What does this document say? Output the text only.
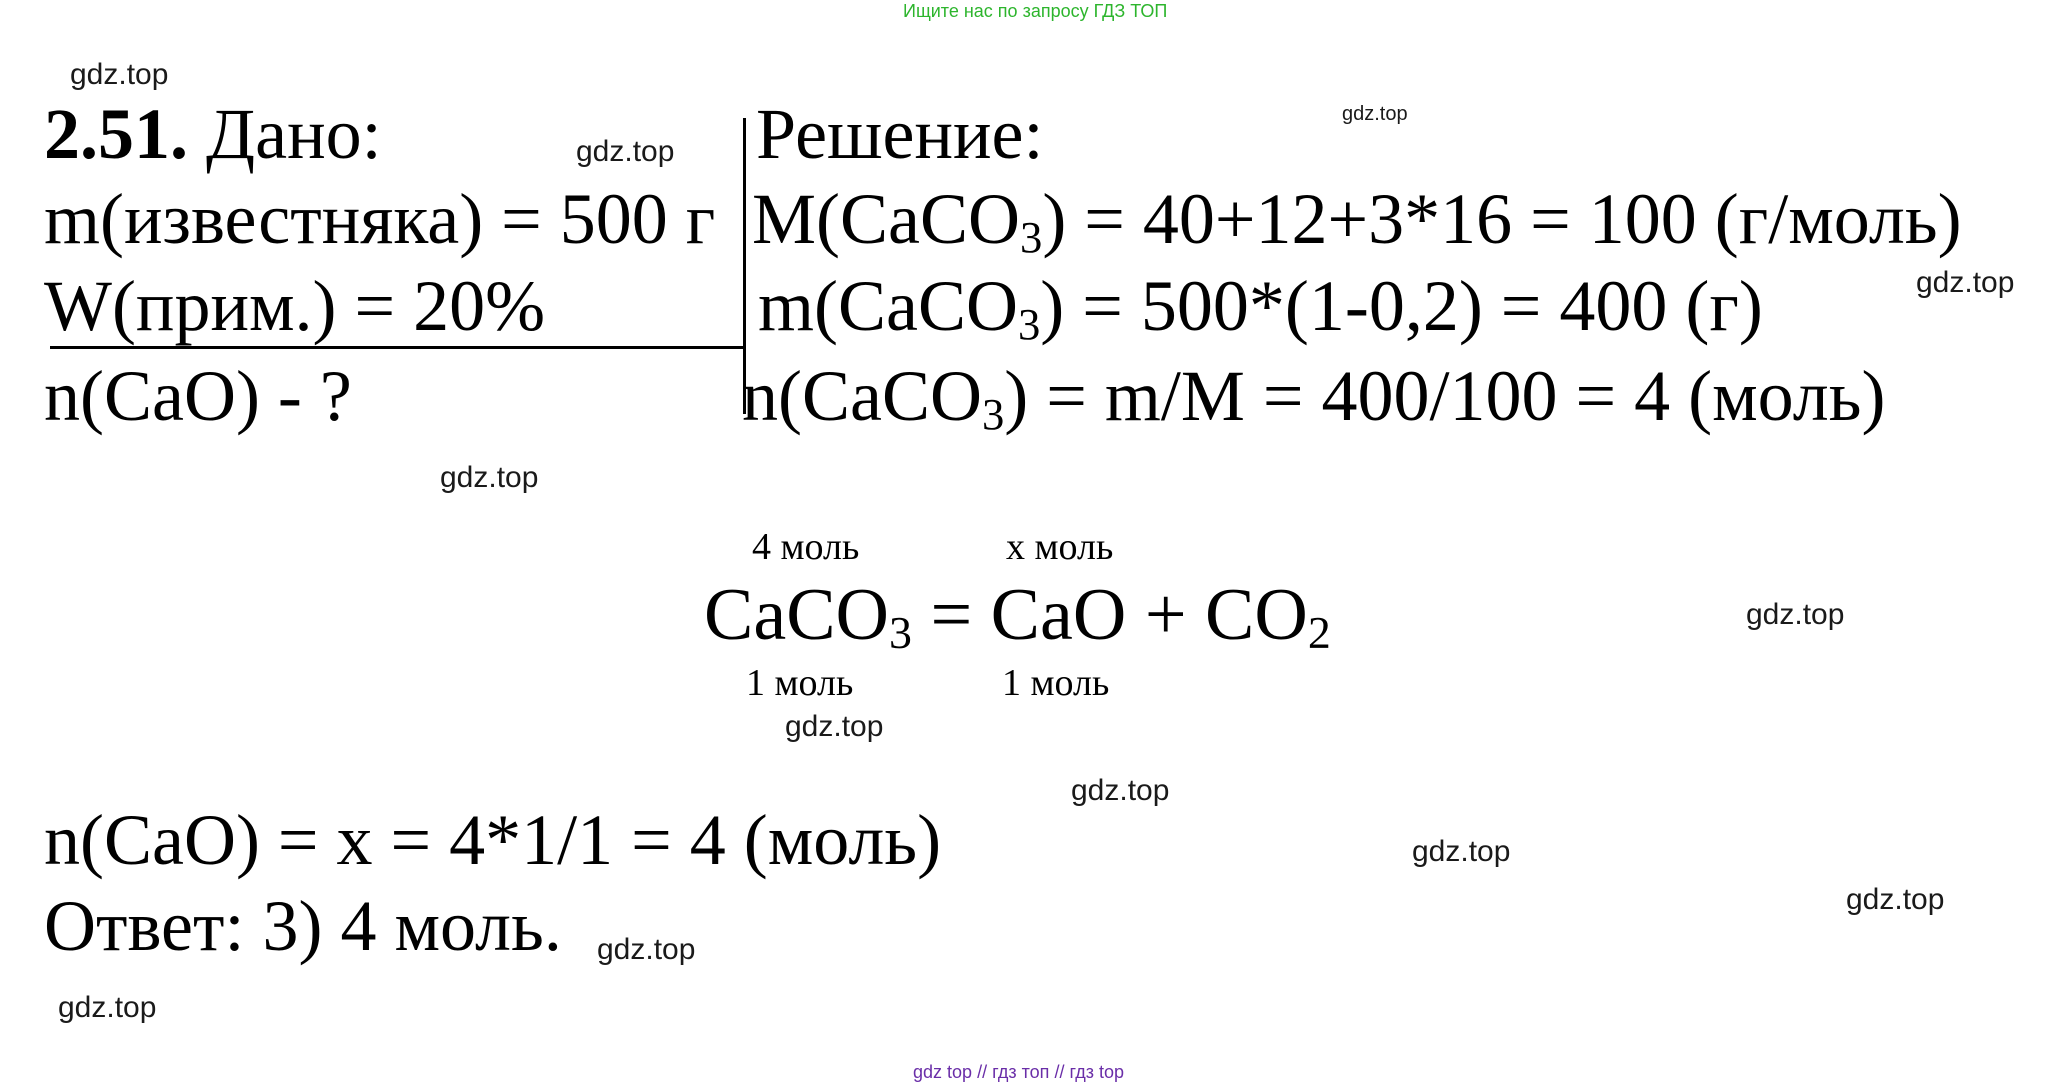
Ищите нас по запросу ГДЗ ТОП
2.51. Дано:
m(известняка) = 500 г
W(прим.) = 20%
n(CaO) - ?
Решение:
M(CaCO$_3$) = 40+12+3*16 = 100 (г/моль)
m(CaCO$_3$) = 500*(1-0,2) = 400 (г)
n(CaCO$_3$) = m/M = 400/100 = 4 (моль)
4 моль	x моль
CaCO$_3$ = CaO + $CO_2$
1 моль	1 моль
n(CaO) = x = 4*1/1 = 4 (моль)
Ответ: 3) 4 моль.
gdz.top
gdz.top
gdz.top
gdz.top
gdz.top
gdz.top
gdz.top
gdz.top
gdz.top
gdz.top
gdz.top
gdz.top
gdz top // гдз топ // гдз top
